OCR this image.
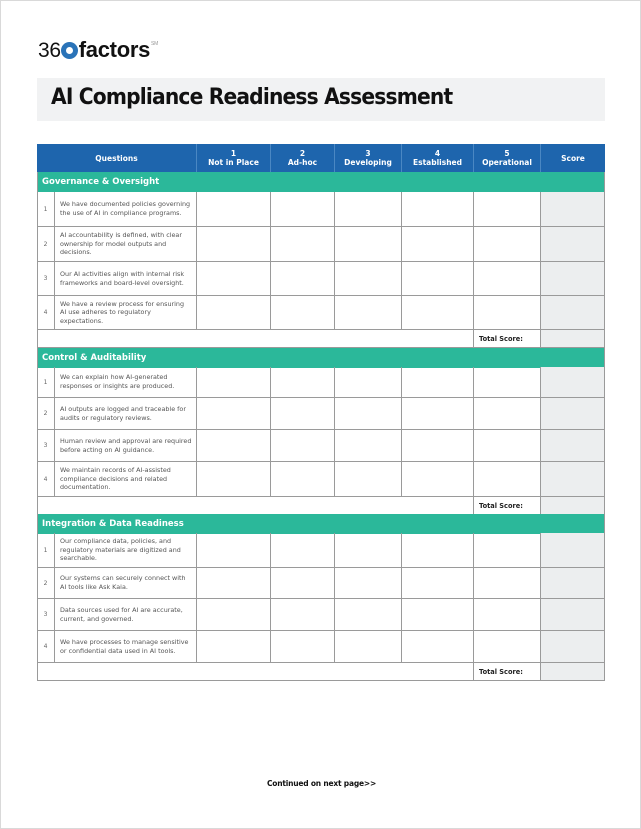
36 factors℠
AI Compliance Readiness Assessment
Questions	1
Not in Place
2
Ad-hoc
3
Developing
4
Established
5
Operational	Score
Governance & Oversight
1
We have documented policies governing the use of AI in compliance programs.
2
AI accountability is defined, with clear ownership for model outputs and decisions.
3
Our AI activities align with internal risk frameworks and board-level oversight.
4
We have a review process for ensuring AI use adheres to regulatory expectations.
Total Score:
Control & Auditability
1
We can explain how AI-generated responses or insights are produced.
2
AI outputs are logged and traceable for audits or regulatory reviews.
3
Human review and approval are required before acting on AI guidance.
4
We maintain records of AI-assisted compliance decisions and related documentation.
Total Score:
Integration & Data Readiness
1
Our compliance data, policies, and regulatory materials are digitized and searchable.
2
Our systems can securely connect with AI tools like Ask Kaia.
3
Data sources used for AI are accurate, current, and governed.
4
We have processes to manage sensitive or confidential data used in AI tools.
Total Score:
Continued on next page>>
